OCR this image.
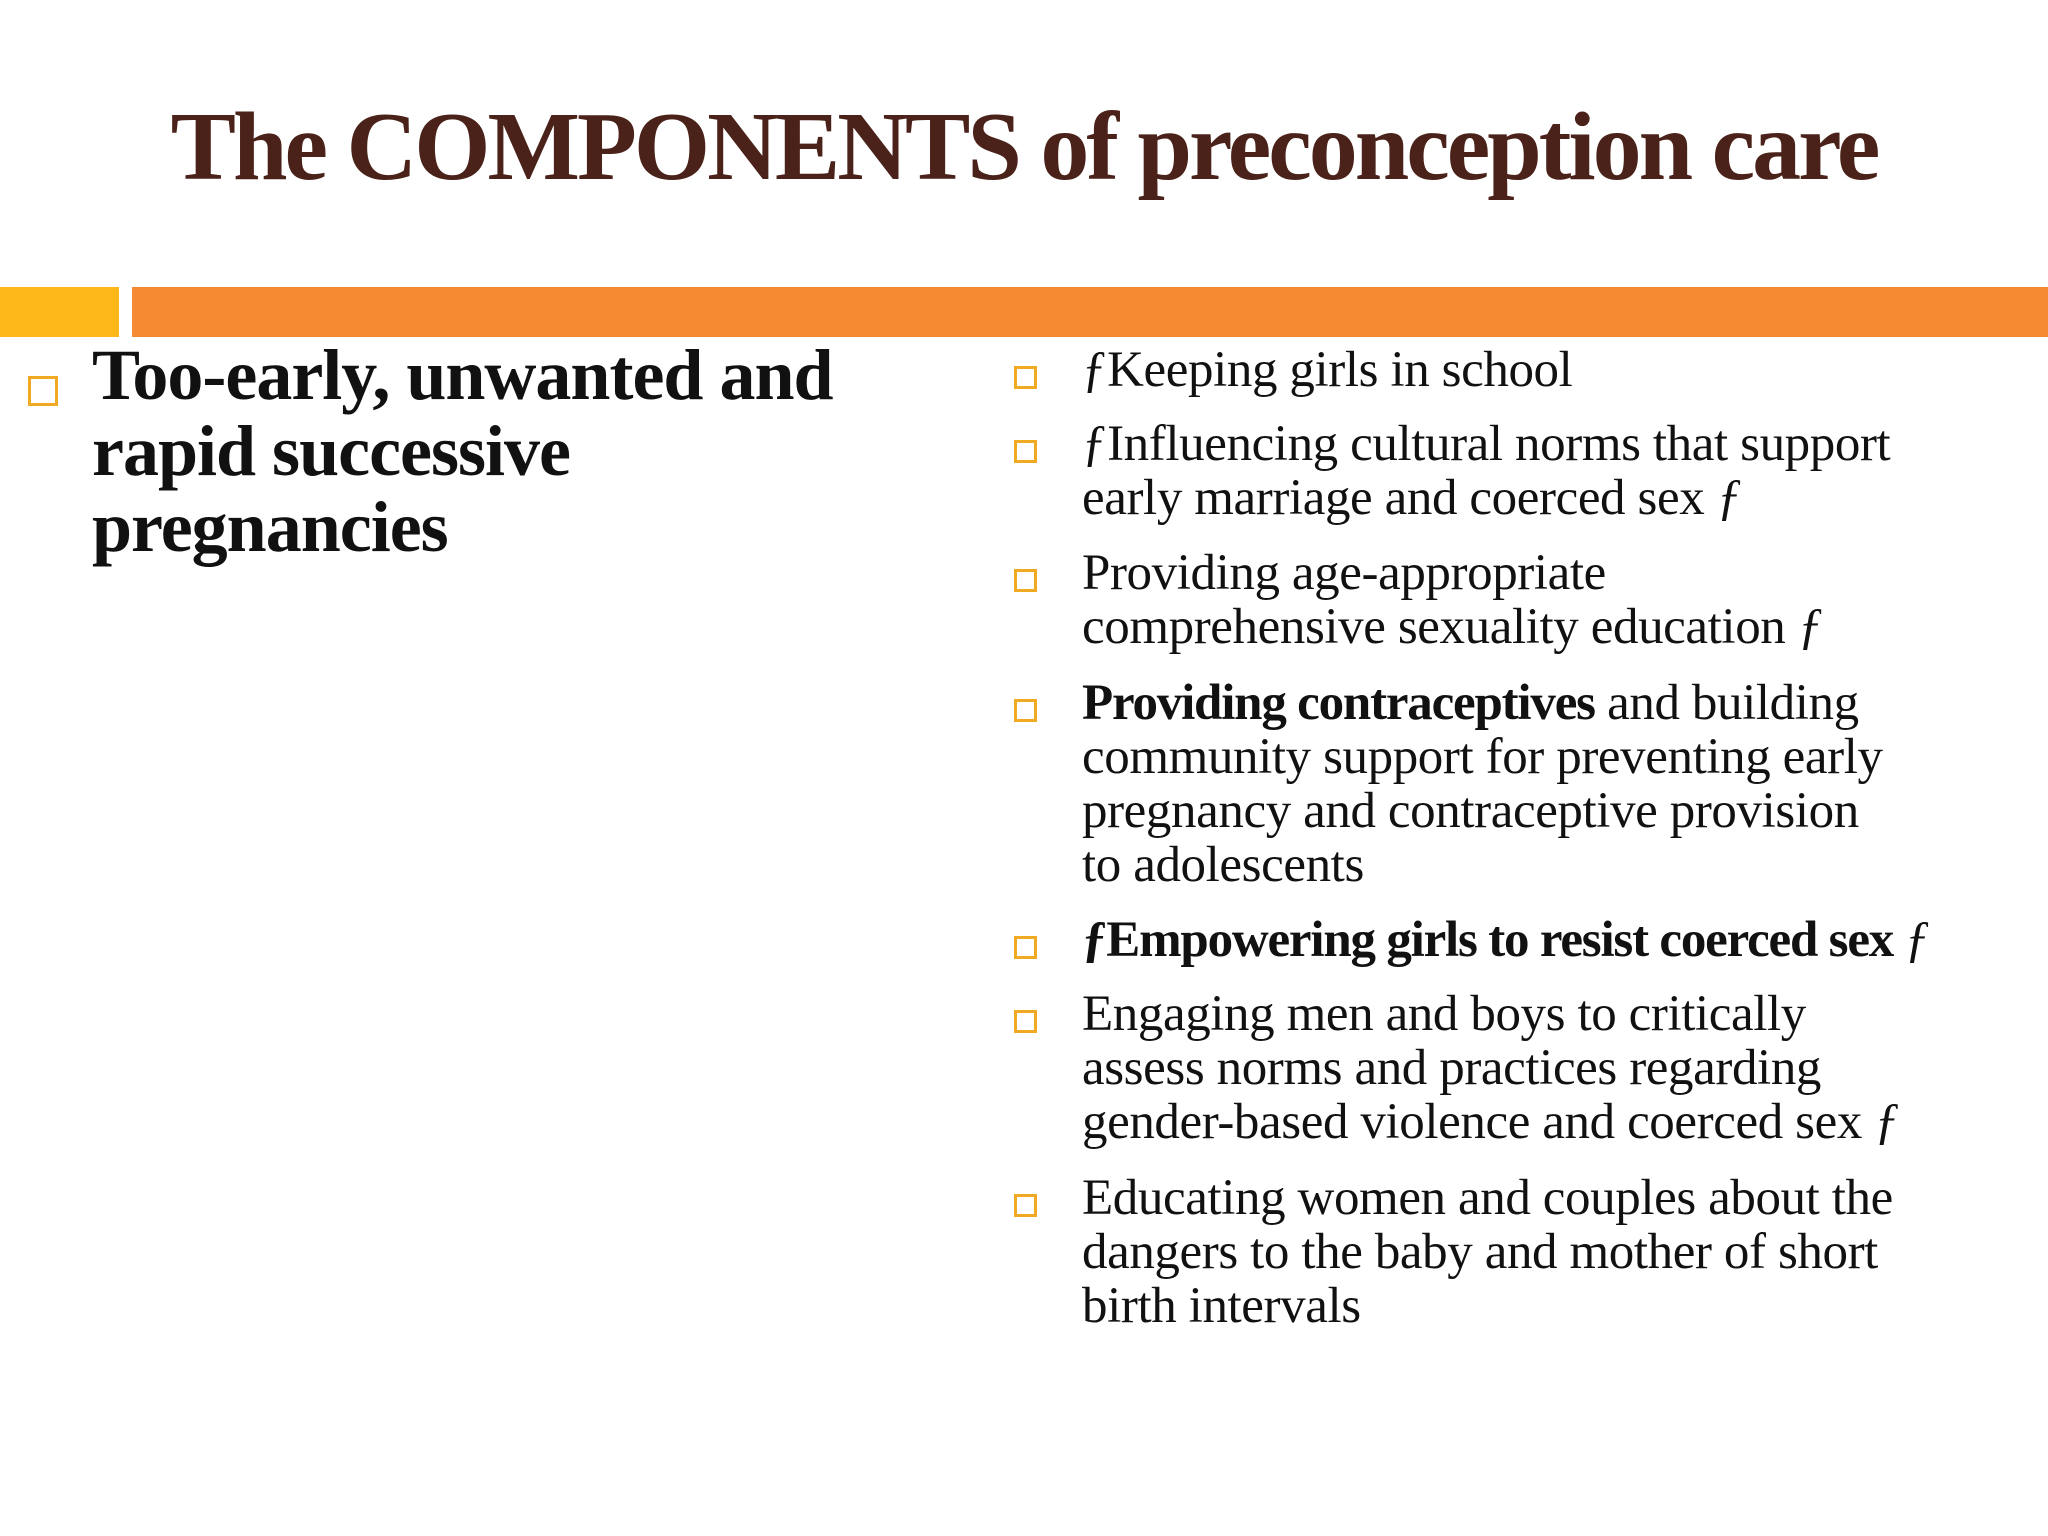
The COMPONENTS of preconception care
Too-early, unwanted and
rapid successive
pregnancies
ƒKeeping girls in school
ƒInfluencing cultural norms that support
early marriage and coerced sex ƒ
Providing age-appropriate
comprehensive sexuality education ƒ
Providing contraceptives and building
community support for preventing early
pregnancy and contraceptive provision
to adolescents
ƒEmpowering girls to resist coerced sex ƒ
Engaging men and boys to critically
assess norms and practices regarding
gender-based violence and coerced sex ƒ
Educating women and couples about the
dangers to the baby and mother of short
birth intervals
